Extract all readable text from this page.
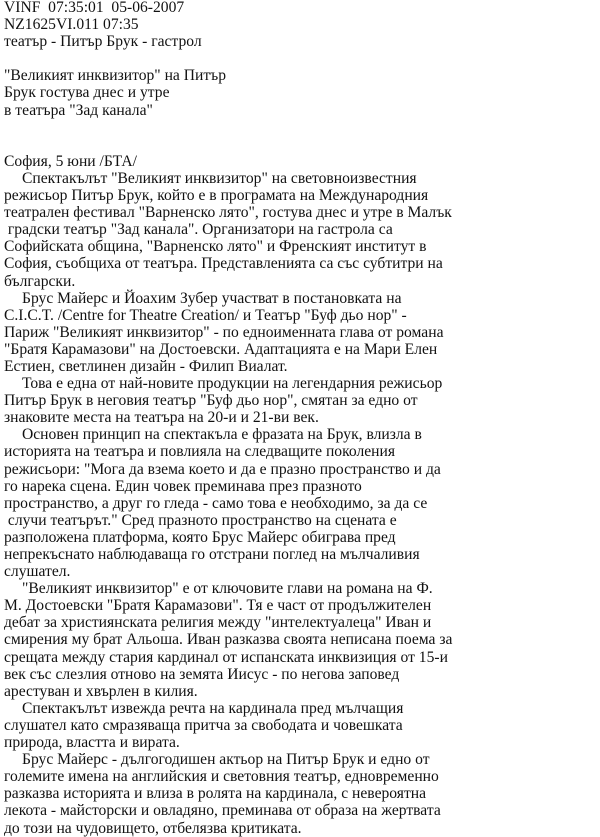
VINF  07:35:01  05-06-2007
NZ1625VI.011 07:35
театър - Питър Брук - гастрол
"Великият инквизитор" на Питър
Брук гостува днес и утре
в театъра "Зад канала"
София, 5 юни /БТА/
Спектакълът "Великият инквизитор" на световноизвестния
режисьор Питър Брук, който е в програмата на Международния
театрален фестивал "Варненско лято", гостува днес и утре в Малък
градски театър "Зад канала". Организатори на гастрола са
Софийската община, "Варненско лято" и Френският институт в
София, съобщиха от театъра. Представленията са със субтитри на
български.
Брус Майерс и Йоахим Зубер участват в постановката на
C.I.C.T. /Centre for Theatre Creation/ и Театър "Буф дьо нор" -
Париж "Великият инквизитор" - по едноименната глава от романа
"Братя Карамазови" на Достоевски. Адаптацията е на Мари Елен
Естиен, светлинен дизайн - Филип Виалат.
Това е една от най-новите продукции на легендарния режисьор
Питър Брук в неговия театър "Буф дьо нор", смятан за едно от
знаковите места на театъра на 20-и и 21-ви век.
Основен принцип на спектакъла е фразата на Брук, влизла в
историята на театъра и повлияла на следващите поколения
режисьори: "Мога да взема което и да е празно пространство и да
го нарека сцена. Един човек преминава през празното
пространство, а друг го гледа - само това е необходимо, за да се
случи театърът." Сред празното пространство на сцената е
разположена платформа, която Брус Майерс обиграва пред
непрекъснато наблюдаваща го отстрани поглед на мълчаливия
слушател.
"Великият инквизитор" е от ключовите глави на романа на Ф.
М. Достоевски "Братя Карамазови". Тя е част от продължителен
дебат за християнската религия между "интелектуалеца" Иван и
смирения му брат Альоша. Иван разказва своята неписана поема за
срещата между стария кардинал от испанската инквизиция от 15-и
век със слезлия отново на земята Иисус - по негова заповед
арестуван и хвърлен в килия.
Спектакълът извежда речта на кардинала пред мълчащия
слушател като смразяваща притча за свободата и човешката
природа, властта и вирата.
Брус Майерс - дългогодишен актьор на Питър Брук и едно от
големите имена на английския и световния театър, едновременно
разказва историята и влиза в ролята на кардинала, с невероятна
лекота - майсторски и овладяно, преминава от образа на жертвата
до този на чудовището, отбелязва критиката.
